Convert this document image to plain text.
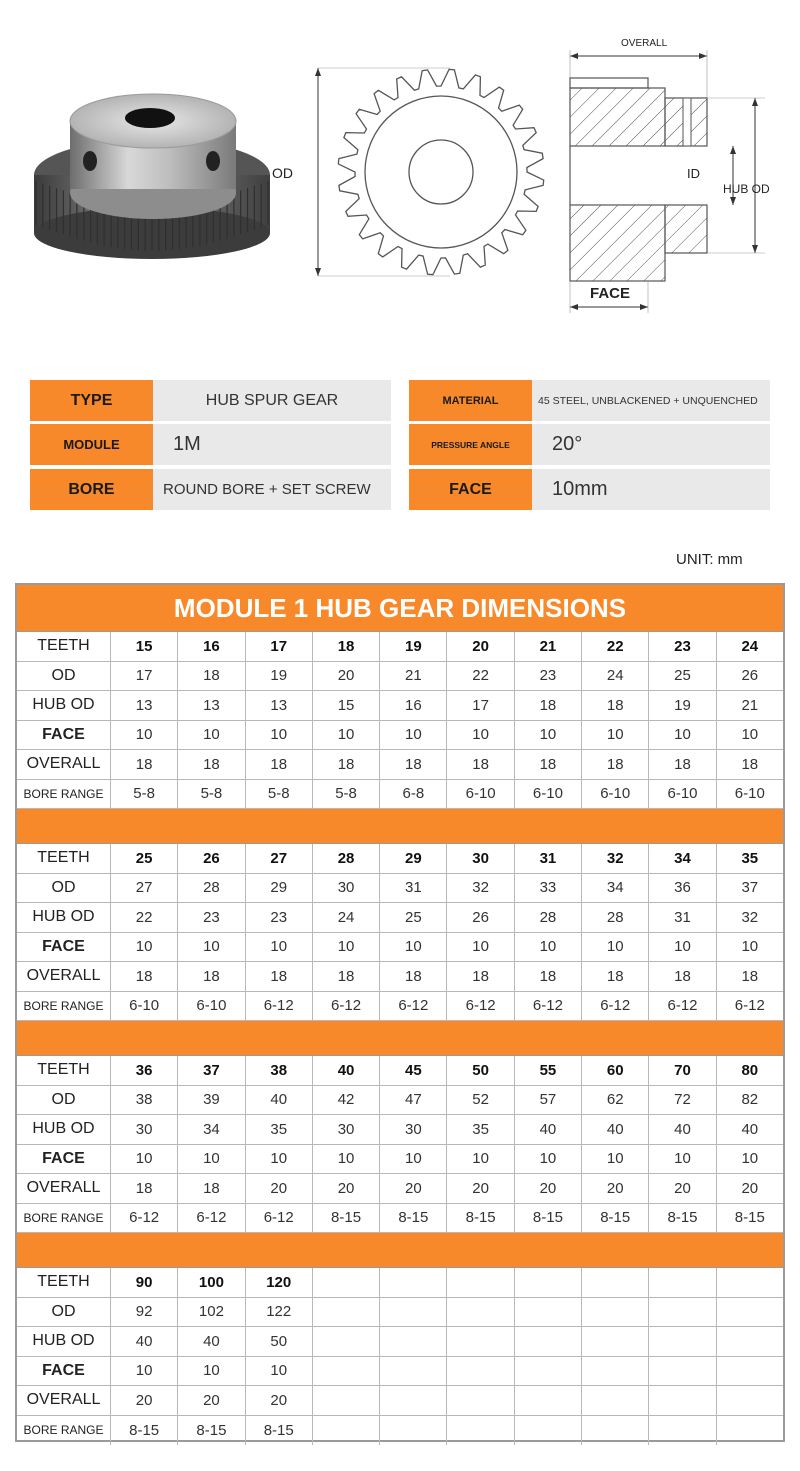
OD
OVERALL
ID
HUB OD
FACE
TYPE	HUB SPUR GEAR
MODULE	1M
BORE	ROUND BORE + SET SCREW
MATERIAL	45 STEEL, UNBLACKENED + UNQUENCHED
PRESSURE ANGLE	20°
FACE	10mm
UNIT: mm
MODULE 1 HUB GEAR DIMENSIONS
TEETH	15	16	17	18	19	20	21	22	23	24
OD	17	18	19	20	21	22	23	24	25	26
HUB OD	13	13	13	15	16	17	18	18	19	21
FACE	10	10	10	10	10	10	10	10	10	10
OVERALL	18	18	18	18	18	18	18	18	18	18
BORE RANGE	5-8	5-8	5-8	5-8	6-8	6-10	6-10	6-10	6-10	6-10
TEETH	25	26	27	28	29	30	31	32	34	35
OD	27	28	29	30	31	32	33	34	36	37
HUB OD	22	23	23	24	25	26	28	28	31	32
FACE	10	10	10	10	10	10	10	10	10	10
OVERALL	18	18	18	18	18	18	18	18	18	18
BORE RANGE	6-10	6-10	6-12	6-12	6-12	6-12	6-12	6-12	6-12	6-12
TEETH	36	37	38	40	45	50	55	60	70	80
OD	38	39	40	42	47	52	57	62	72	82
HUB OD	30	34	35	30	30	35	40	40	40	40
FACE	10	10	10	10	10	10	10	10	10	10
OVERALL	18	18	20	20	20	20	20	20	20	20
BORE RANGE	6-12	6-12	6-12	8-15	8-15	8-15	8-15	8-15	8-15	8-15
TEETH	90	100	120
OD	92	102	122
HUB OD	40	40	50
FACE	10	10	10
OVERALL	20	20	20
BORE RANGE	8-15	8-15	8-15
